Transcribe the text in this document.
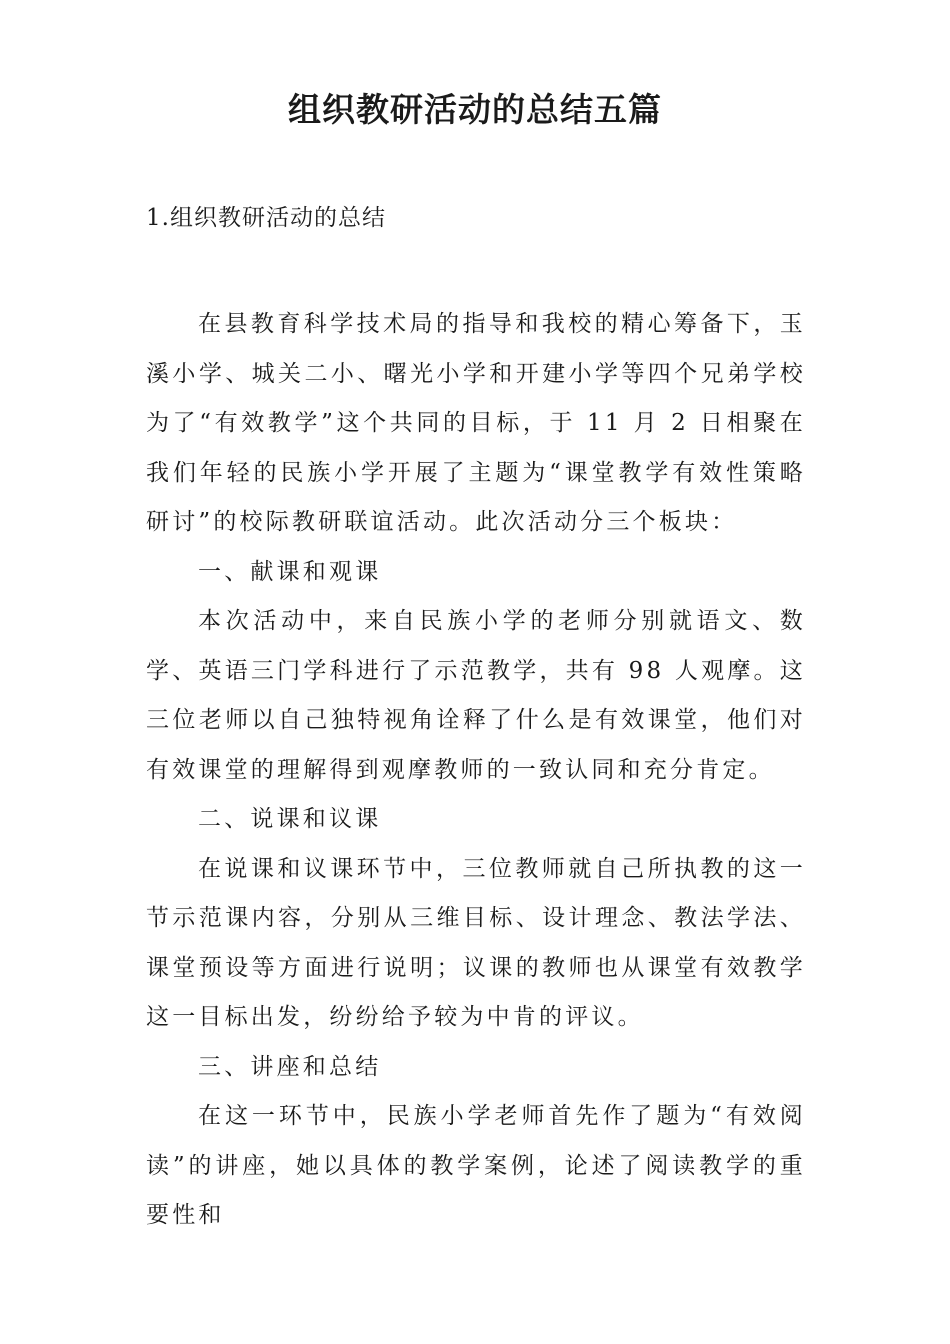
组织教研活动的总结五篇
1.组织教研活动的总结

在县教育科学技术局的指导和我校的精心筹备下，玉溪小学、城关二小、曙光小学和开建小学等四个兄弟学校为了“有效教学”这个共同的目标，于 11 月 2 日相聚在我们年轻的民族小学开展了主题为“课堂教学有效性策略研讨”的校际教研联谊活动。此次活动分三个板块：

一、献课和观课

本次活动中，来自民族小学的老师分别就语文、数学、英语三门学科进行了示范教学，共有 98 人观摩。这三位老师以自己独特视角诠释了什么是有效课堂，他们对有效课堂的理解得到观摩教师的一致认同和充分肯定。

二、说课和议课

在说课和议课环节中，三位教师就自己所执教的这一节示范课内容，分别从三维目标、设计理念、教法学法、课堂预设等方面进行说明；议课的教师也从课堂有效教学这一目标出发，纷纷给予较为中肯的评议。

三、讲座和总结

在这一环节中，民族小学老师首先作了题为“有效阅读”的讲座，她以具体的教学案例，论述了阅读教学的重要性和
